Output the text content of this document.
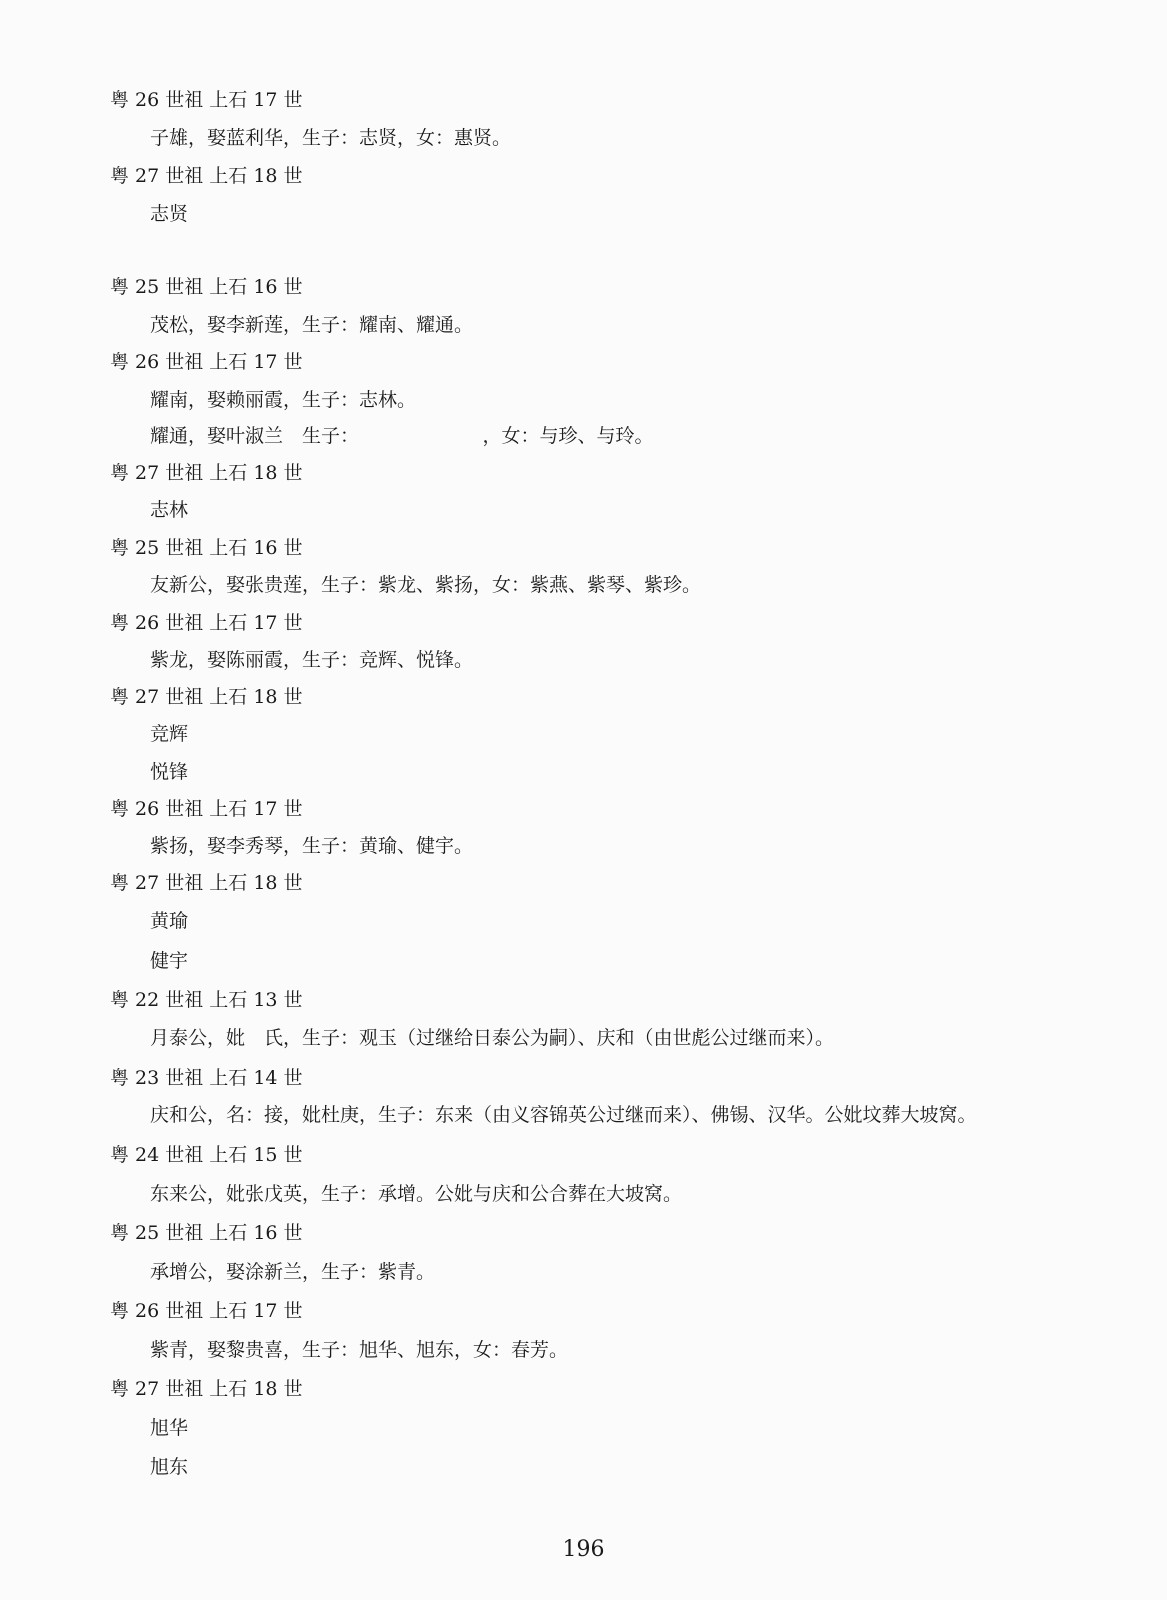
粤 26 世祖 上石 17 世
子雄，娶蓝利华，生子：志贤，女：惠贤。
粤 27 世祖 上石 18 世
志贤
粤 25 世祖 上石 16 世
茂松，娶李新莲，生子：耀南、耀通。
粤 26 世祖 上石 17 世
耀南，娶赖丽霞，生子：志林。
耀通，娶叶淑兰　生子：　　　　　　　，女：与珍、与玲。
粤 27 世祖 上石 18 世
志林
粤 25 世祖 上石 16 世
友新公，娶张贵莲，生子：紫龙、紫扬，女：紫燕、紫琴、紫珍。
粤 26 世祖 上石 17 世
紫龙，娶陈丽霞，生子：竞辉、悦锋。
粤 27 世祖 上石 18 世
竞辉
悦锋
粤 26 世祖 上石 17 世
紫扬，娶李秀琴，生子：黄瑜、健宇。
粤 27 世祖 上石 18 世
黄瑜
健宇
粤 22 世祖 上石 13 世
月泰公，妣　氏，生子：观玉（过继给日泰公为嗣）、庆和（由世彪公过继而来）。
粤 23 世祖 上石 14 世
庆和公，名：接，妣杜庚，生子：东来（由义容锦英公过继而来）、佛锡、汉华。公妣坟葬大坡窝。
粤 24 世祖 上石 15 世
东来公，妣张戊英，生子：承增。公妣与庆和公合葬在大坡窝。
粤 25 世祖 上石 16 世
承增公，娶涂新兰，生子：紫青。
粤 26 世祖 上石 17 世
紫青，娶黎贵喜，生子：旭华、旭东，女：春芳。
粤 27 世祖 上石 18 世
旭华
旭东
196
